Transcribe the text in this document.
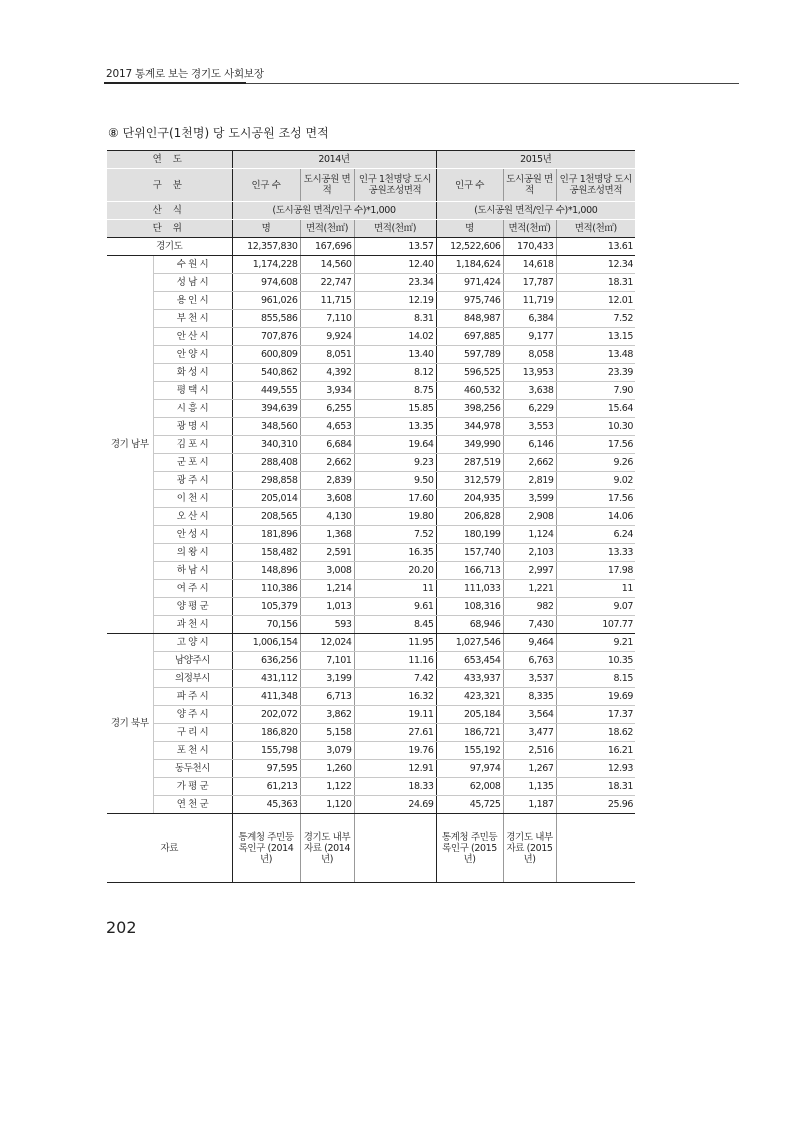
2017 통계로 보는 경기도 사회보장
⑧ 단위인구(1천명) 당 도시공원 조성 면적
연 도		2014년			2015년		
구 분		인구 수	도시공원 면적	인구 1천명당 도시공원조성면적	인구 수	도시공원 면적	인구 1천명당 도시공원조성면적
산 식		(도시공원 면적/인구 수)*1,000			(도시공원 면적/인구 수)*1,000		
단 위		명	면적(천㎡)	면적(천㎡)	명	면적(천㎡)	면적(천㎡)
경기도		12,357,830	167,696	13.57	12,522,606	170,433	13.61
경기 남부	수 원 시	1,174,228	14,560	12.40	1,184,624	14,618	12.34
	성 남 시	974,608	22,747	23.34	971,424	17,787	18.31
	용 인 시	961,026	11,715	12.19	975,746	11,719	12.01
	부 천 시	855,586	7,110	8.31	848,987	6,384	7.52
	안 산 시	707,876	9,924	14.02	697,885	9,177	13.15
	안 양 시	600,809	8,051	13.40	597,789	8,058	13.48
	화 성 시	540,862	4,392	8.12	596,525	13,953	23.39
	평 택 시	449,555	3,934	8.75	460,532	3,638	7.90
	시 흥 시	394,639	6,255	15.85	398,256	6,229	15.64
	광 명 시	348,560	4,653	13.35	344,978	3,553	10.30
	김 포 시	340,310	6,684	19.64	349,990	6,146	17.56
	군 포 시	288,408	2,662	9.23	287,519	2,662	9.26
	광 주 시	298,858	2,839	9.50	312,579	2,819	9.02
	이 천 시	205,014	3,608	17.60	204,935	3,599	17.56
	오 산 시	208,565	4,130	19.80	206,828	2,908	14.06
	안 성 시	181,896	1,368	7.52	180,199	1,124	6.24
	의 왕 시	158,482	2,591	16.35	157,740	2,103	13.33
	하 남 시	148,896	3,008	20.20	166,713	2,997	17.98
	여 주 시	110,386	1,214	11	111,033	1,221	11
	양 평 군	105,379	1,013	9.61	108,316	982	9.07
	과 천 시	70,156	593	8.45	68,946	7,430	107.77
경기 북부	고 양 시	1,006,154	12,024	11.95	1,027,546	9,464	9.21
	남양주시	636,256	7,101	11.16	653,454	6,763	10.35
	의정부시	431,112	3,199	7.42	433,937	3,537	8.15
	파 주 시	411,348	6,713	16.32	423,321	8,335	19.69
	양 주 시	202,072	3,862	19.11	205,184	3,564	17.37
	구 리 시	186,820	5,158	27.61	186,721	3,477	18.62
	포 천 시	155,798	3,079	19.76	155,192	2,516	16.21
	동두천시	97,595	1,260	12.91	97,974	1,267	12.93
	가 평 군	61,213	1,122	18.33	62,008	1,135	18.31
	연 천 군	45,363	1,120	24.69	45,725	1,187	25.96
자료		통계청 주민등록인구 (2014년)	경기도 내부자료 (2014년)		통계청 주민등록인구 (2015년)	경기도 내부자료 (2015년)	
202
